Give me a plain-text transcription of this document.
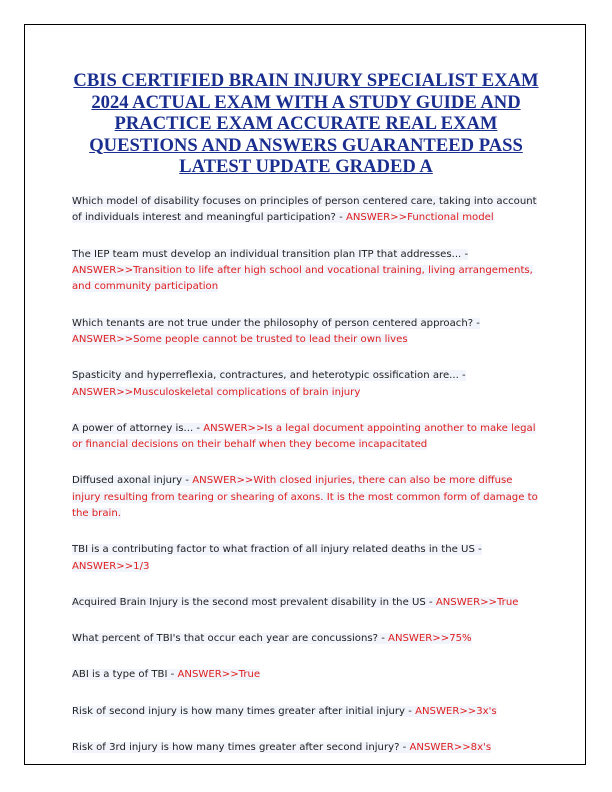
CBIS CERTIFIED BRAIN INJURY SPECIALIST EXAM 2024 ACTUAL EXAM WITH A STUDY GUIDE AND PRACTICE EXAM ACCURATE REAL EXAM QUESTIONS AND ANSWERS GUARANTEED PASS LATEST UPDATE GRADED A

Which model of disability focuses on principles of person centered care, taking into account of individuals interest and meaningful participation? - ANSWER>>Functional model

The IEP team must develop an individual transition plan ITP that addresses... - ANSWER>>Transition to life after high school and vocational training, living arrangements, and community participation

Which tenants are not true under the philosophy of person centered approach? - ANSWER>>Some people cannot be trusted to lead their own lives

Spasticity and hyperreflexia, contractures, and heterotypic ossification are... - ANSWER>>Musculoskeletal complications of brain injury

A power of attorney is... - ANSWER>>Is a legal document appointing another to make legal or financial decisions on their behalf when they become incapacitated

Diffused axonal injury - ANSWER>>With closed injuries, there can also be more diffuse injury resulting from tearing or shearing of axons. It is the most common form of damage to the brain.

TBI is a contributing factor to what fraction of all injury related deaths in the US - ANSWER>>1/3

Acquired Brain Injury is the second most prevalent disability in the US - ANSWER>>True

What percent of TBI's that occur each year are concussions? - ANSWER>>75%

ABI is a type of TBI - ANSWER>>True

Risk of second injury is how many times greater after initial injury - ANSWER>>3x's

Risk of 3rd injury is how many times greater after second injury? - ANSWER>>8x's
